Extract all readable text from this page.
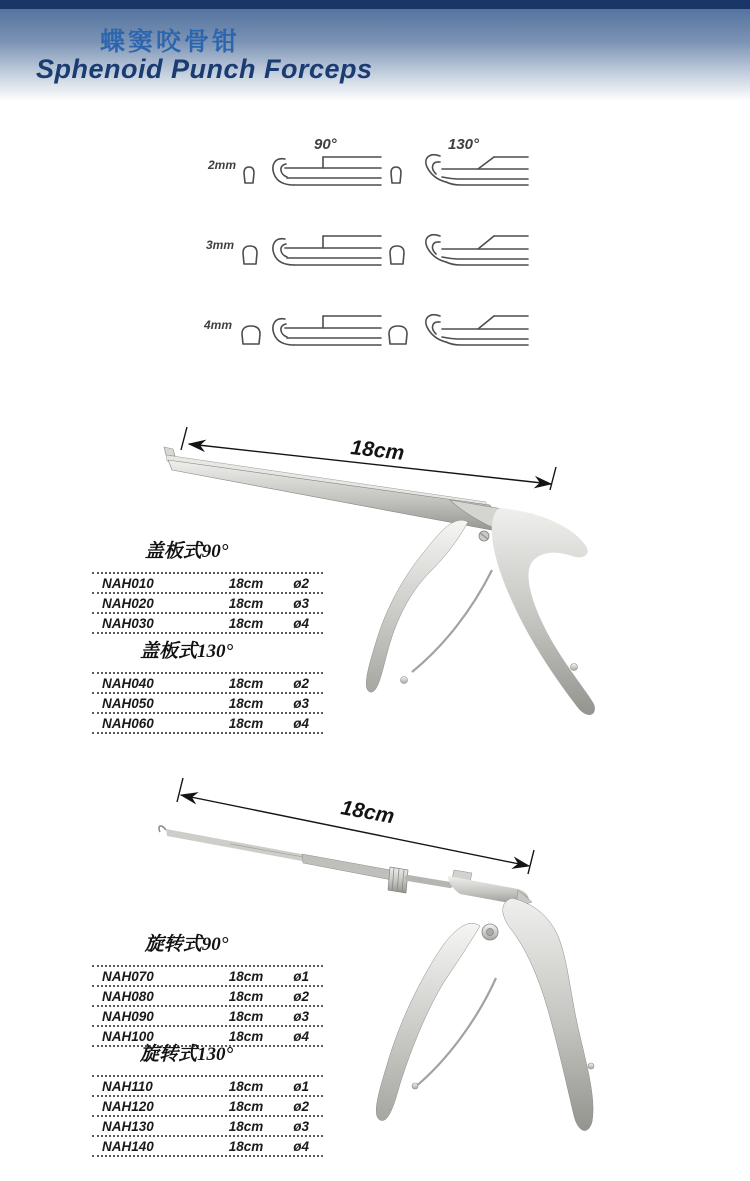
蝶窦咬骨钳
Sphenoid Punch Forceps
90°	130°
2mm
3mm
4mm
18cm
盖板式90°
NAH010	18cm	ø2
NAH020	18cm	ø3
NAH030	18cm	ø4
盖板式130°
NAH040	18cm	ø2
NAH050	18cm	ø3
NAH060	18cm	ø4
18cm
旋转式90°
NAH070	18cm	ø1
NAH080	18cm	ø2
NAH090	18cm	ø3
NAH100	18cm	ø4
旋转式130°
NAH110	18cm	ø1
NAH120	18cm	ø2
NAH130	18cm	ø3
NAH140	18cm	ø4
